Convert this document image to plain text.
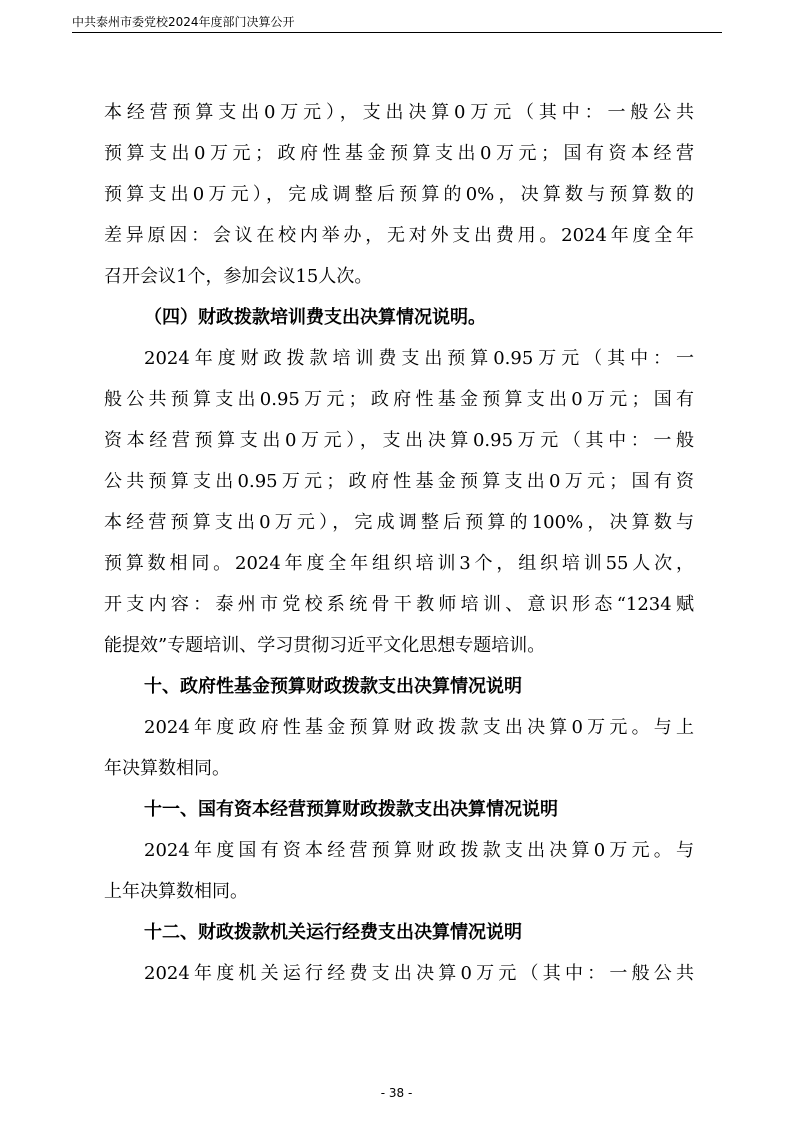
中共泰州市委党校2024年度部门决算公开
本经营预算支出0万元），支出决算0万元（其中：一般公共
预算支出0万元；政府性基金预算支出0万元；国有资本经营
预算支出0万元），完成调整后预算的0%，决算数与预算数的
差异原因：会议在校内举办，无对外支出费用。2024年度全年
召开会议1个，参加会议15人次。
（四）财政拨款培训费支出决算情况说明。
2024年度财政拨款培训费支出预算0.95万元（其中：一
般公共预算支出0.95万元；政府性基金预算支出0万元；国有
资本经营预算支出0万元），支出决算0.95万元（其中：一般
公共预算支出0.95万元；政府性基金预算支出0万元；国有资
本经营预算支出0万元），完成调整后预算的100%，决算数与
预算数相同。2024年度全年组织培训3个，组织培训55人次，
开支内容：泰州市党校系统骨干教师培训、意识形态“1234赋
能提效”专题培训、学习贯彻习近平文化思想专题培训。
十、政府性基金预算财政拨款支出决算情况说明
2024年度政府性基金预算财政拨款支出决算0万元。与上
年决算数相同。
十一、国有资本经营预算财政拨款支出决算情况说明
2024年度国有资本经营预算财政拨款支出决算0万元。与
上年决算数相同。
十二、财政拨款机关运行经费支出决算情况说明
2024年度机关运行经费支出决算0万元（其中：一般公共
- 38 -
